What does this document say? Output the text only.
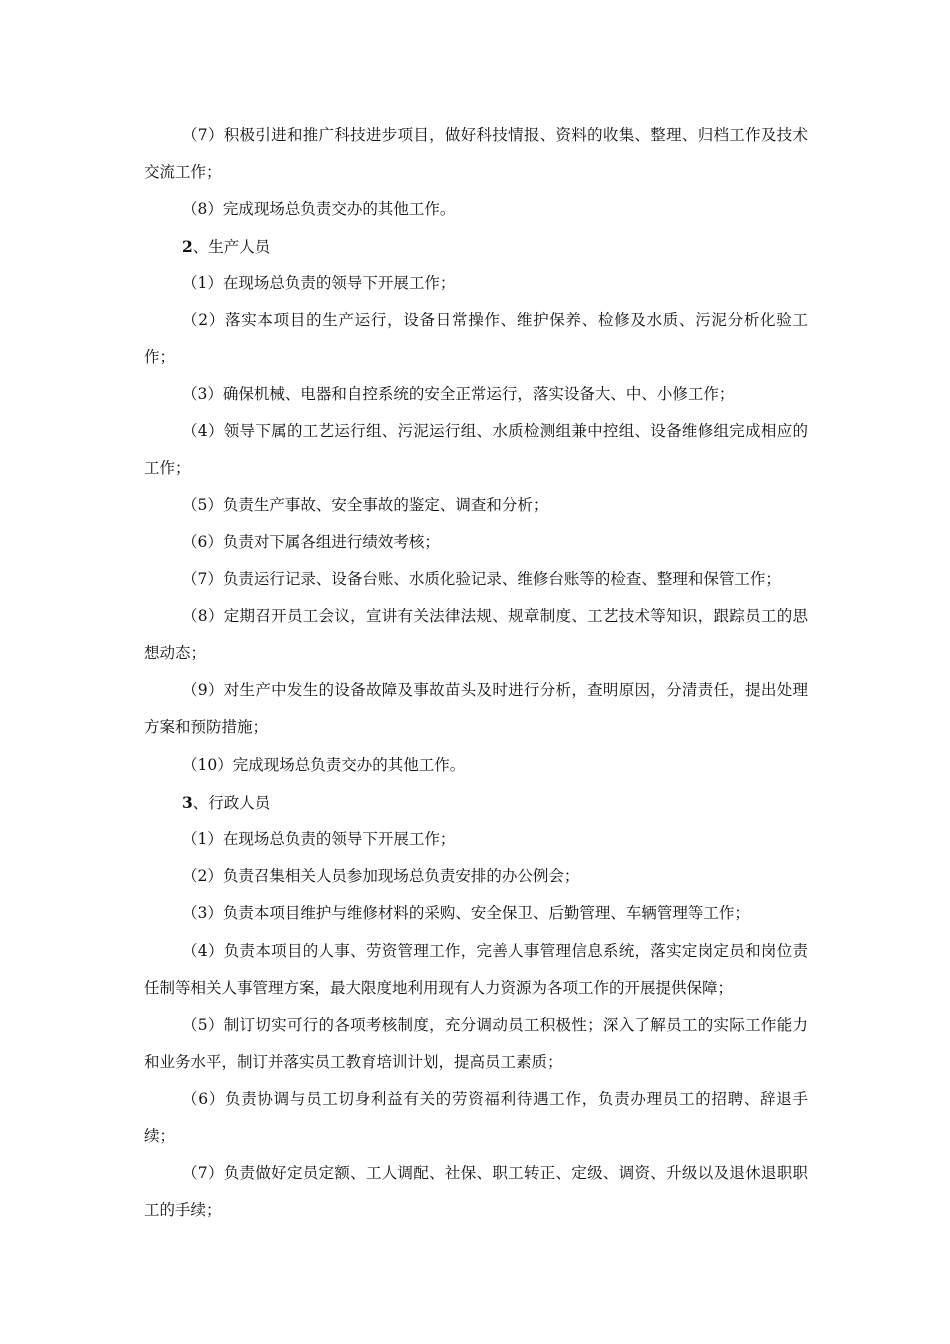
（7）积极引进和推广科技进步项目，做好科技情报、资料的收集、整理、归档工作及技术交流工作；

（8）完成现场总负责交办的其他工作。

2、生产人员

（1）在现场总负责的领导下开展工作；

（2）落实本项目的生产运行，设备日常操作、维护保养、检修及水质、污泥分析化验工作；

（3）确保机械、电器和自控系统的安全正常运行，落实设备大、中、小修工作；

（4）领导下属的工艺运行组、污泥运行组、水质检测组兼中控组、设备维修组完成相应的工作；

（5）负责生产事故、安全事故的鉴定、调查和分析；

（6）负责对下属各组进行绩效考核；

（7）负责运行记录、设备台账、水质化验记录、维修台账等的检查、整理和保管工作；

（8）定期召开员工会议，宣讲有关法律法规、规章制度、工艺技术等知识，跟踪员工的思想动态；

（9）对生产中发生的设备故障及事故苗头及时进行分析，查明原因，分清责任，提出处理方案和预防措施；

（10）完成现场总负责交办的其他工作。

3、行政人员

（1）在现场总负责的领导下开展工作；

（2）负责召集相关人员参加现场总负责安排的办公例会；

（3）负责本项目维护与维修材料的采购、安全保卫、后勤管理、车辆管理等工作；

（4）负责本项目的人事、劳资管理工作，完善人事管理信息系统，落实定岗定员和岗位责任制等相关人事管理方案，最大限度地利用现有人力资源为各项工作的开展提供保障；

（5）制订切实可行的各项考核制度，充分调动员工积极性；深入了解员工的实际工作能力和业务水平，制订并落实员工教育培训计划，提高员工素质；

（6）负责协调与员工切身利益有关的劳资福利待遇工作，负责办理员工的招聘、辞退手续；

（7）负责做好定员定额、工人调配、社保、职工转正、定级、调资、升级以及退休退职职工的手续；
